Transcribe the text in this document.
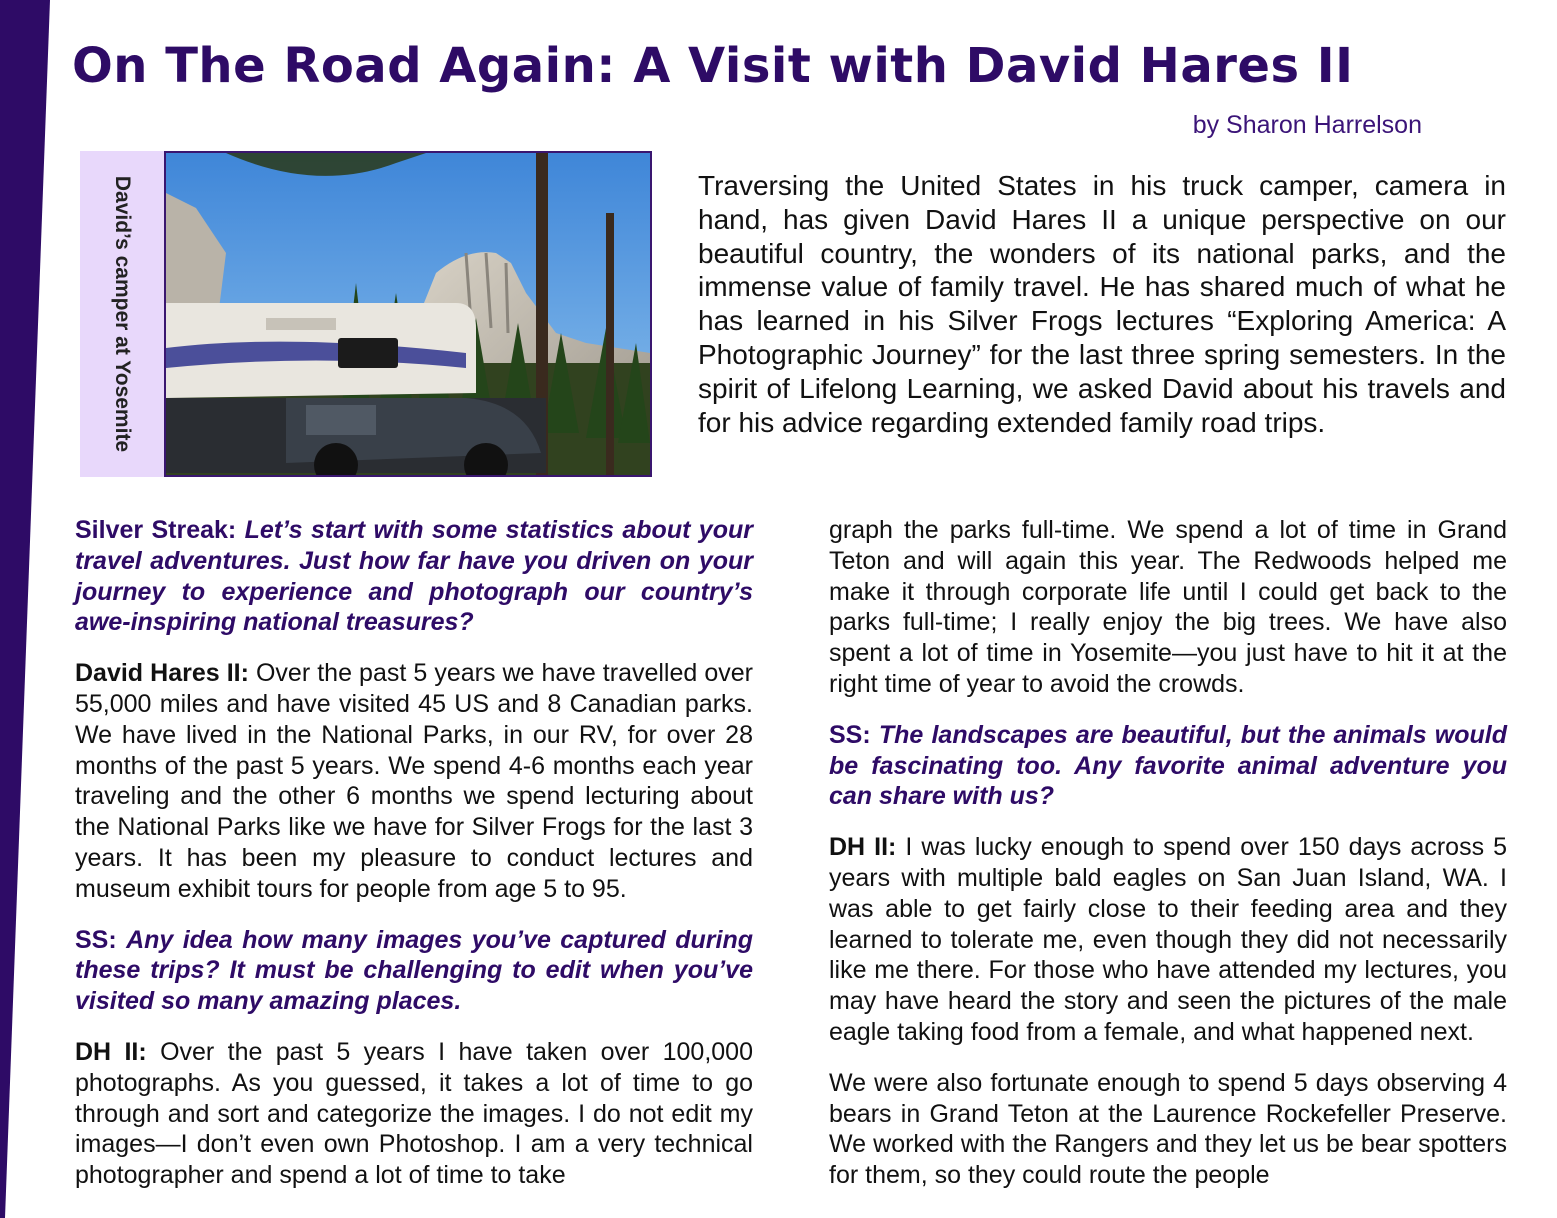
On The Road Again: A Visit with David Hares II
by Sharon Harrelson
David’s camper at Yosemite	Traversing the United States in his truck camper, camera in hand, has given David Hares II a unique perspective on our beautiful country, the wonders of its national parks, and the immense value of family travel. He has shared much of what he has learned in his Silver Frogs lectures “Exploring America: A Photographic Journey” for the last three spring semesters. In the spirit of Lifelong Learning, we asked David about his travels and for his advice regarding extended family road trips.

Silver Streak: Let’s start with some statistics about your travel adventures. Just how far have you driven on your journey to experience and photograph our country’s awe-inspiring national treasures?

David Hares II: Over the past 5 years we have travelled over 55,000 miles and have visited 45 US and 8 Canadian parks. We have lived in the National Parks, in our RV, for over 28 months of the past 5 years. We spend 4-6 months each year traveling and the other 6 months we spend lecturing about the National Parks like we have for Silver Frogs for the last 3 years. It has been my pleasure to conduct lectures and museum exhibit tours for people from age 5 to 95.

SS: Any idea how many images you’ve captured during these trips? It must be challenging to edit when you’ve visited so many amazing places.

DH II: Over the past 5 years I have taken over 100,000 photographs. As you guessed, it takes a lot of time to go through and sort and categorize the images. I do not edit my images—I don’t even own Photoshop. I am a very technical photographer and spend a lot of time to take

graph the parks full-time. We spend a lot of time in Grand Teton and will again this year. The Redwoods helped me make it through corporate life until I could get back to the parks full-time; I really enjoy the big trees. We have also spent a lot of time in Yosemite—you just have to hit it at the right time of year to avoid the crowds.

SS: The landscapes are beautiful, but the animals would be fascinating too. Any favorite animal adventure you can share with us?

DH II: I was lucky enough to spend over 150 days across 5 years with multiple bald eagles on San Juan Island, WA. I was able to get fairly close to their feeding area and they learned to tolerate me, even though they did not necessarily like me there. For those who have attended my lectures, you may have heard the story and seen the pictures of the male eagle taking food from a female, and what happened next.

We were also fortunate enough to spend 5 days observing 4 bears in Grand Teton at the Laurence Rockefeller Preserve. We worked with the Rangers and they let us be bear spotters for them, so they could route the people
